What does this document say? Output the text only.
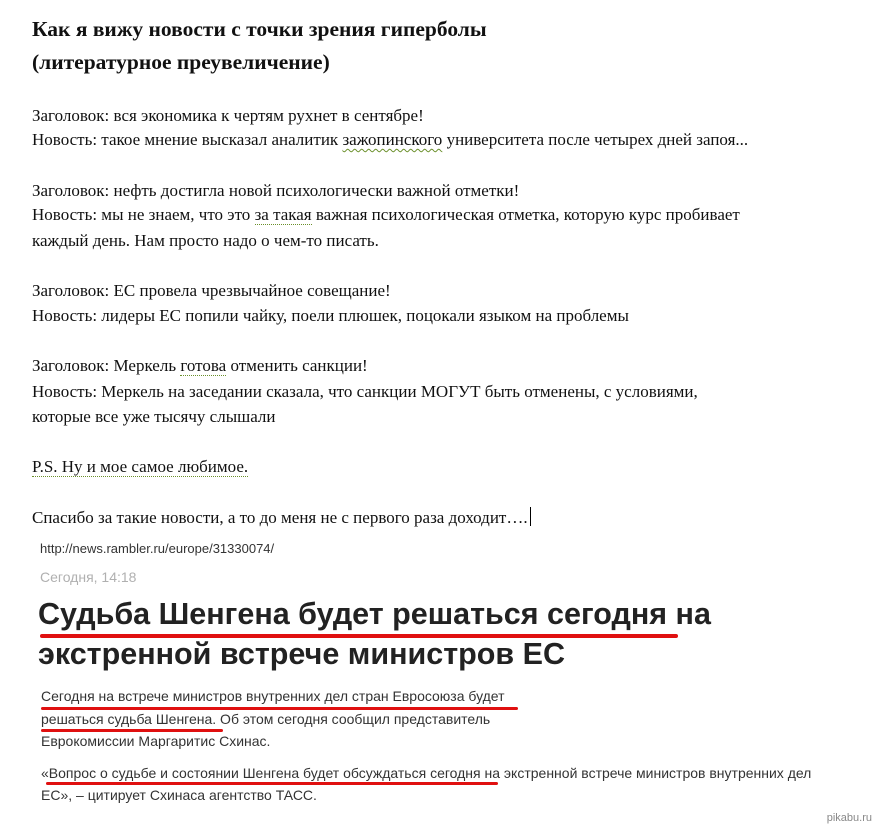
Как я вижу новости с точки зрения гиперболы
(литературное преувеличение)
Заголовок: вся экономика к чертям рухнет в сентябре!
Новость: такое мнение высказал аналитик зажопинского университета после четырех дней запоя...
Заголовок: нефть достигла новой психологически важной отметки!
Новость: мы не знаем, что это за такая важная психологическая отметка, которую курс пробивает
каждый день. Нам просто надо о чем-то писать.
Заголовок: ЕС провела чрезвычайное совещание!
Новость: лидеры ЕС попили чайку, поели плюшек, поцокали языком на проблемы
Заголовок: Меркель готова отменить санкции!
Новость: Меркель на заседании сказала, что санкции МОГУТ быть отменены, с условиями,
которые все уже тысячу слышали
P.S. Ну и мое самое любимое.
Спасибо за такие новости, а то до меня не с первого раза доходит….
http://news.rambler.ru/europe/31330074/
Сегодня, 14:18
Судьба Шенгена будет решаться сегодня на
экстренной встрече министров ЕС
Сегодня на встрече министров внутренних дел стран Евросоюза будет
решаться судьба Шенгена. Об этом сегодня сообщил представитель
Еврокомиссии Маргаритис Схинас.
«Вопрос о судьбе и состоянии Шенгена будет обсуждаться сегодня на экстренной встрече министров внутренних дел
ЕС», – цитирует Схинаса агентство ТАСС.
pikabu.ru
